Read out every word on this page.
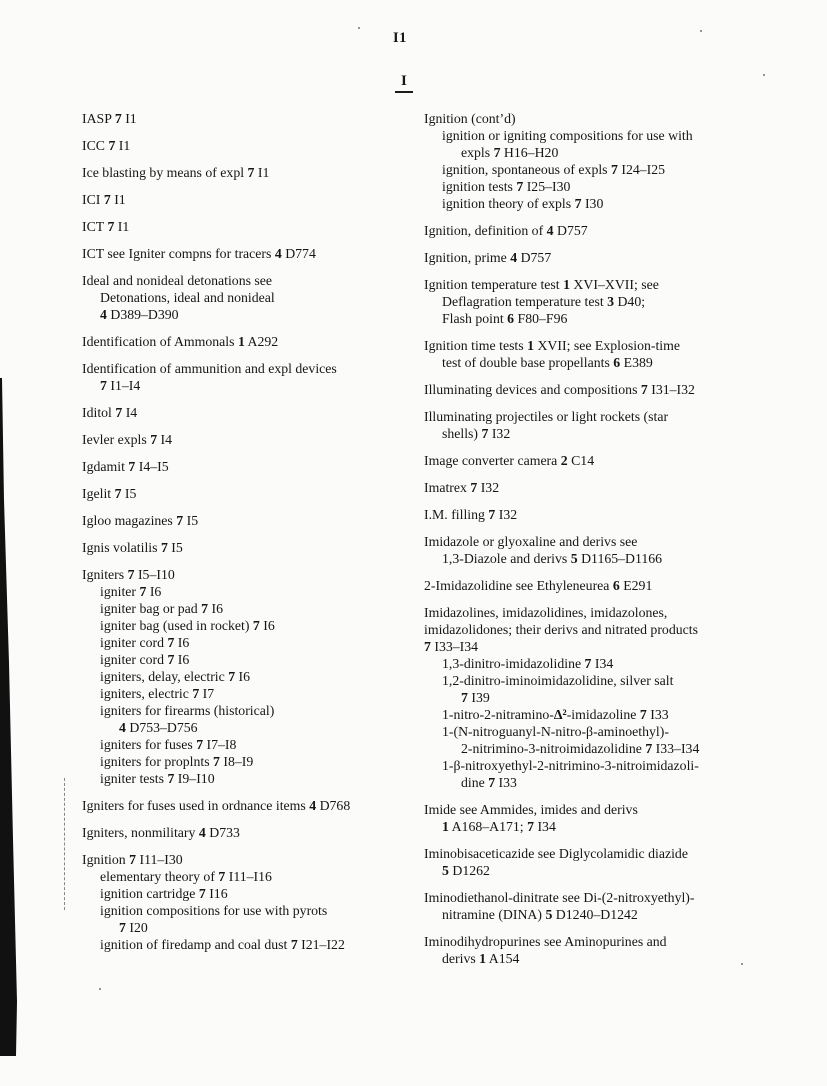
I1
I
IASP 7 I1
ICC 7 I1
Ice blasting by means of expl 7 I1
ICI 7 I1
ICT 7 I1
ICT see Igniter compns for tracers 4 D774
Ideal and nonideal detonations see
Detonations, ideal and nonideal
4 D389–D390
Identification of Ammonals 1 A292
Identification of ammunition and expl devices
7 I1–I4
Iditol 7 I4
Ievler expls 7 I4
Igdamit 7 I4–I5
Igelit 7 I5
Igloo magazines 7 I5
Ignis volatilis 7 I5
Igniters 7 I5–I10
igniter 7 I6
igniter bag or pad 7 I6
igniter bag (used in rocket) 7 I6
igniter cord 7 I6
igniter cord 7 I6
igniters, delay, electric 7 I6
igniters, electric 7 I7
igniters for firearms (historical)
4 D753–D756
igniters for fuses 7 I7–I8
igniters for proplnts 7 I8–I9
igniter tests 7 I9–I10
Igniters for fuses used in ordnance items 4 D768
Igniters, nonmilitary 4 D733
Ignition 7 I11–I30
elementary theory of 7 I11–I16
ignition cartridge 7 I16
ignition compositions for use with pyrots
7 I20
ignition of firedamp and coal dust 7 I21–I22
Ignition (cont’d)
ignition or igniting compositions for use with
expls 7 H16–H20
ignition, spontaneous of expls 7 I24–I25
ignition tests 7 I25–I30
ignition theory of expls 7 I30
Ignition, definition of 4 D757
Ignition, prime 4 D757
Ignition temperature test 1 XVI–XVII; see
Deflagration temperature test 3 D40;
Flash point 6 F80–F96
Ignition time tests 1 XVII; see Explosion-time
test of double base propellants 6 E389
Illuminating devices and compositions 7 I31–I32
Illuminating projectiles or light rockets (star
shells) 7 I32
Image converter camera 2 C14
Imatrex 7 I32
I.M. filling 7 I32
Imidazole or glyoxaline and derivs see
1,3-Diazole and derivs 5 D1165–D1166
2-Imidazolidine see Ethyleneurea 6 E291
Imidazolines, imidazolidines, imidazolones,
imidazolidones; their derivs and nitrated products
7 I33–I34
1,3-dinitro-imidazolidine 7 I34
1,2-dinitro-iminoimidazolidine, silver salt
7 I39
1-nitro-2-nitramino-Δ²-imidazoline 7 I33
1-(N-nitroguanyl-N-nitro-β-aminoethyl)-
2-nitrimino-3-nitroimidazolidine 7 I33–I34
1-β-nitroxyethyl-2-nitrimino-3-nitroimidazoli-
dine 7 I33
Imide see Ammides, imides and derivs
1 A168–A171; 7 I34
Iminobisaceticazide see Diglycolamidic diazide
5 D1262
Iminodiethanol-dinitrate see Di-(2-nitroxyethyl)-
nitramine (DINA) 5 D1240–D1242
Iminodihydropurines see Aminopurines and
derivs 1 A154
